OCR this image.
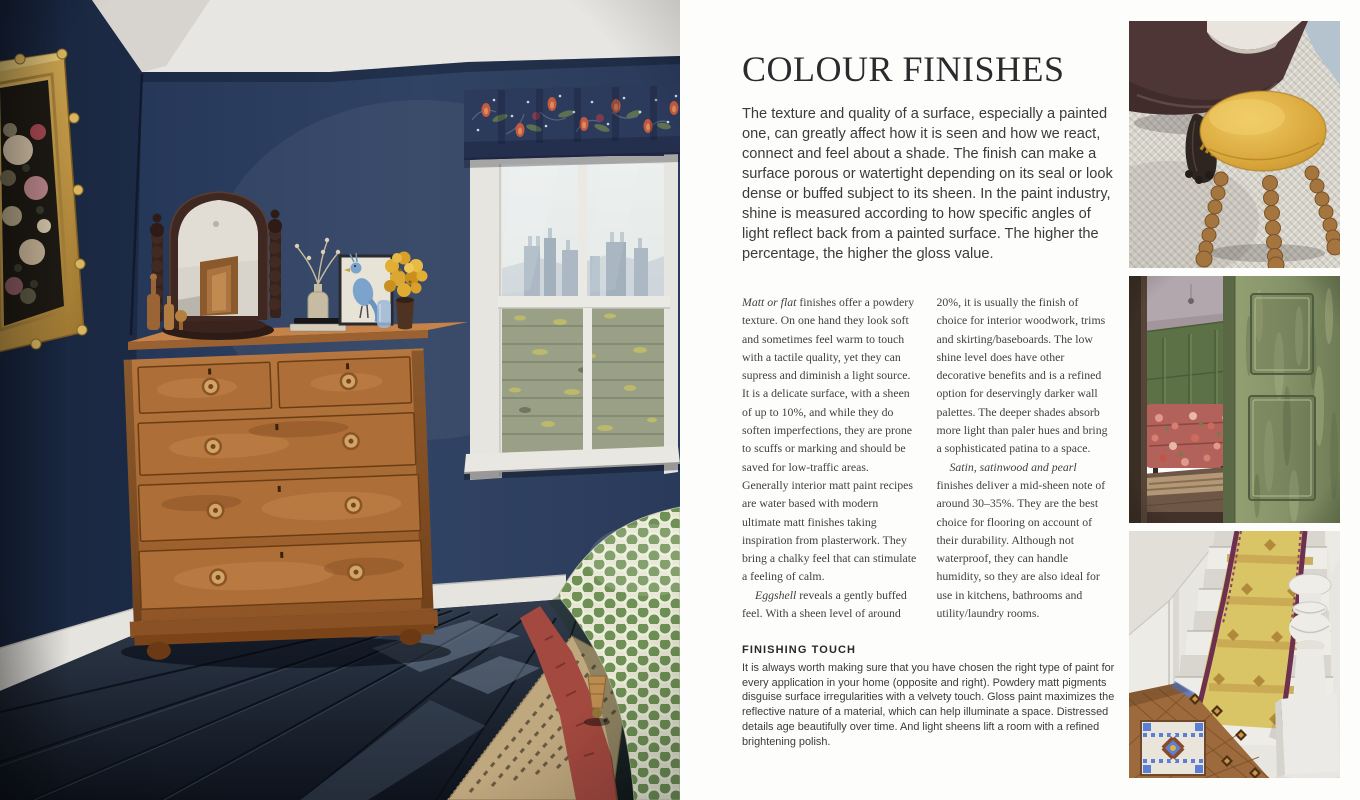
COLOUR FINISHES

The texture and quality of a surface, especially a painted one, can greatly affect how it is seen and how we react, connect and feel about a shade. The finish can make a surface porous or watertight depending on its seal or look dense or buffed subject to its sheen. In the paint industry, shine is measured according to how specific angles of light reflect back from a painted surface. The higher the percentage, the higher the gloss value.

Matt or flat finishes offer a powdery texture. On one hand they look soft and sometimes feel warm to touch with a tactile quality, yet they can supress and diminish a light source. It is a delicate surface, with a sheen of up to 10%, and while they do soften imperfections, they are prone to scuffs or marking and should be saved for low-traffic areas. Generally interior matt paint recipes are water based with modern ultimate matt finishes taking inspiration from plasterwork. They bring a chalky feel that can stimulate a feeling of calm.

Eggshell reveals a gently buffed feel. With a sheen level of around

20%, it is usually the finish of choice for interior woodwork, trims and skirting/baseboards. The low shine level does have other decorative benefits and is a refined option for deservingly darker wall palettes. The deeper shades absorb more light than paler hues and bring a sophisticated patina to a space.

Satin, satinwood and pearl finishes deliver a mid-sheen note of around 30–35%. They are the best choice for flooring on account of their durability. Although not waterproof, they can handle humidity, so they are also ideal for use in kitchens, bathrooms and utility/laundry rooms.

FINISHING TOUCH

It is always worth making sure that you have chosen the right type of paint for every application in your home (opposite and right). Powdery matt pigments disguise surface irregularities with a velvety touch. Gloss paint maximizes the reflective nature of a material, which can help illuminate a space. Distressed details age beautifully over time. And light sheens lift a room with a refined brightening polish.
